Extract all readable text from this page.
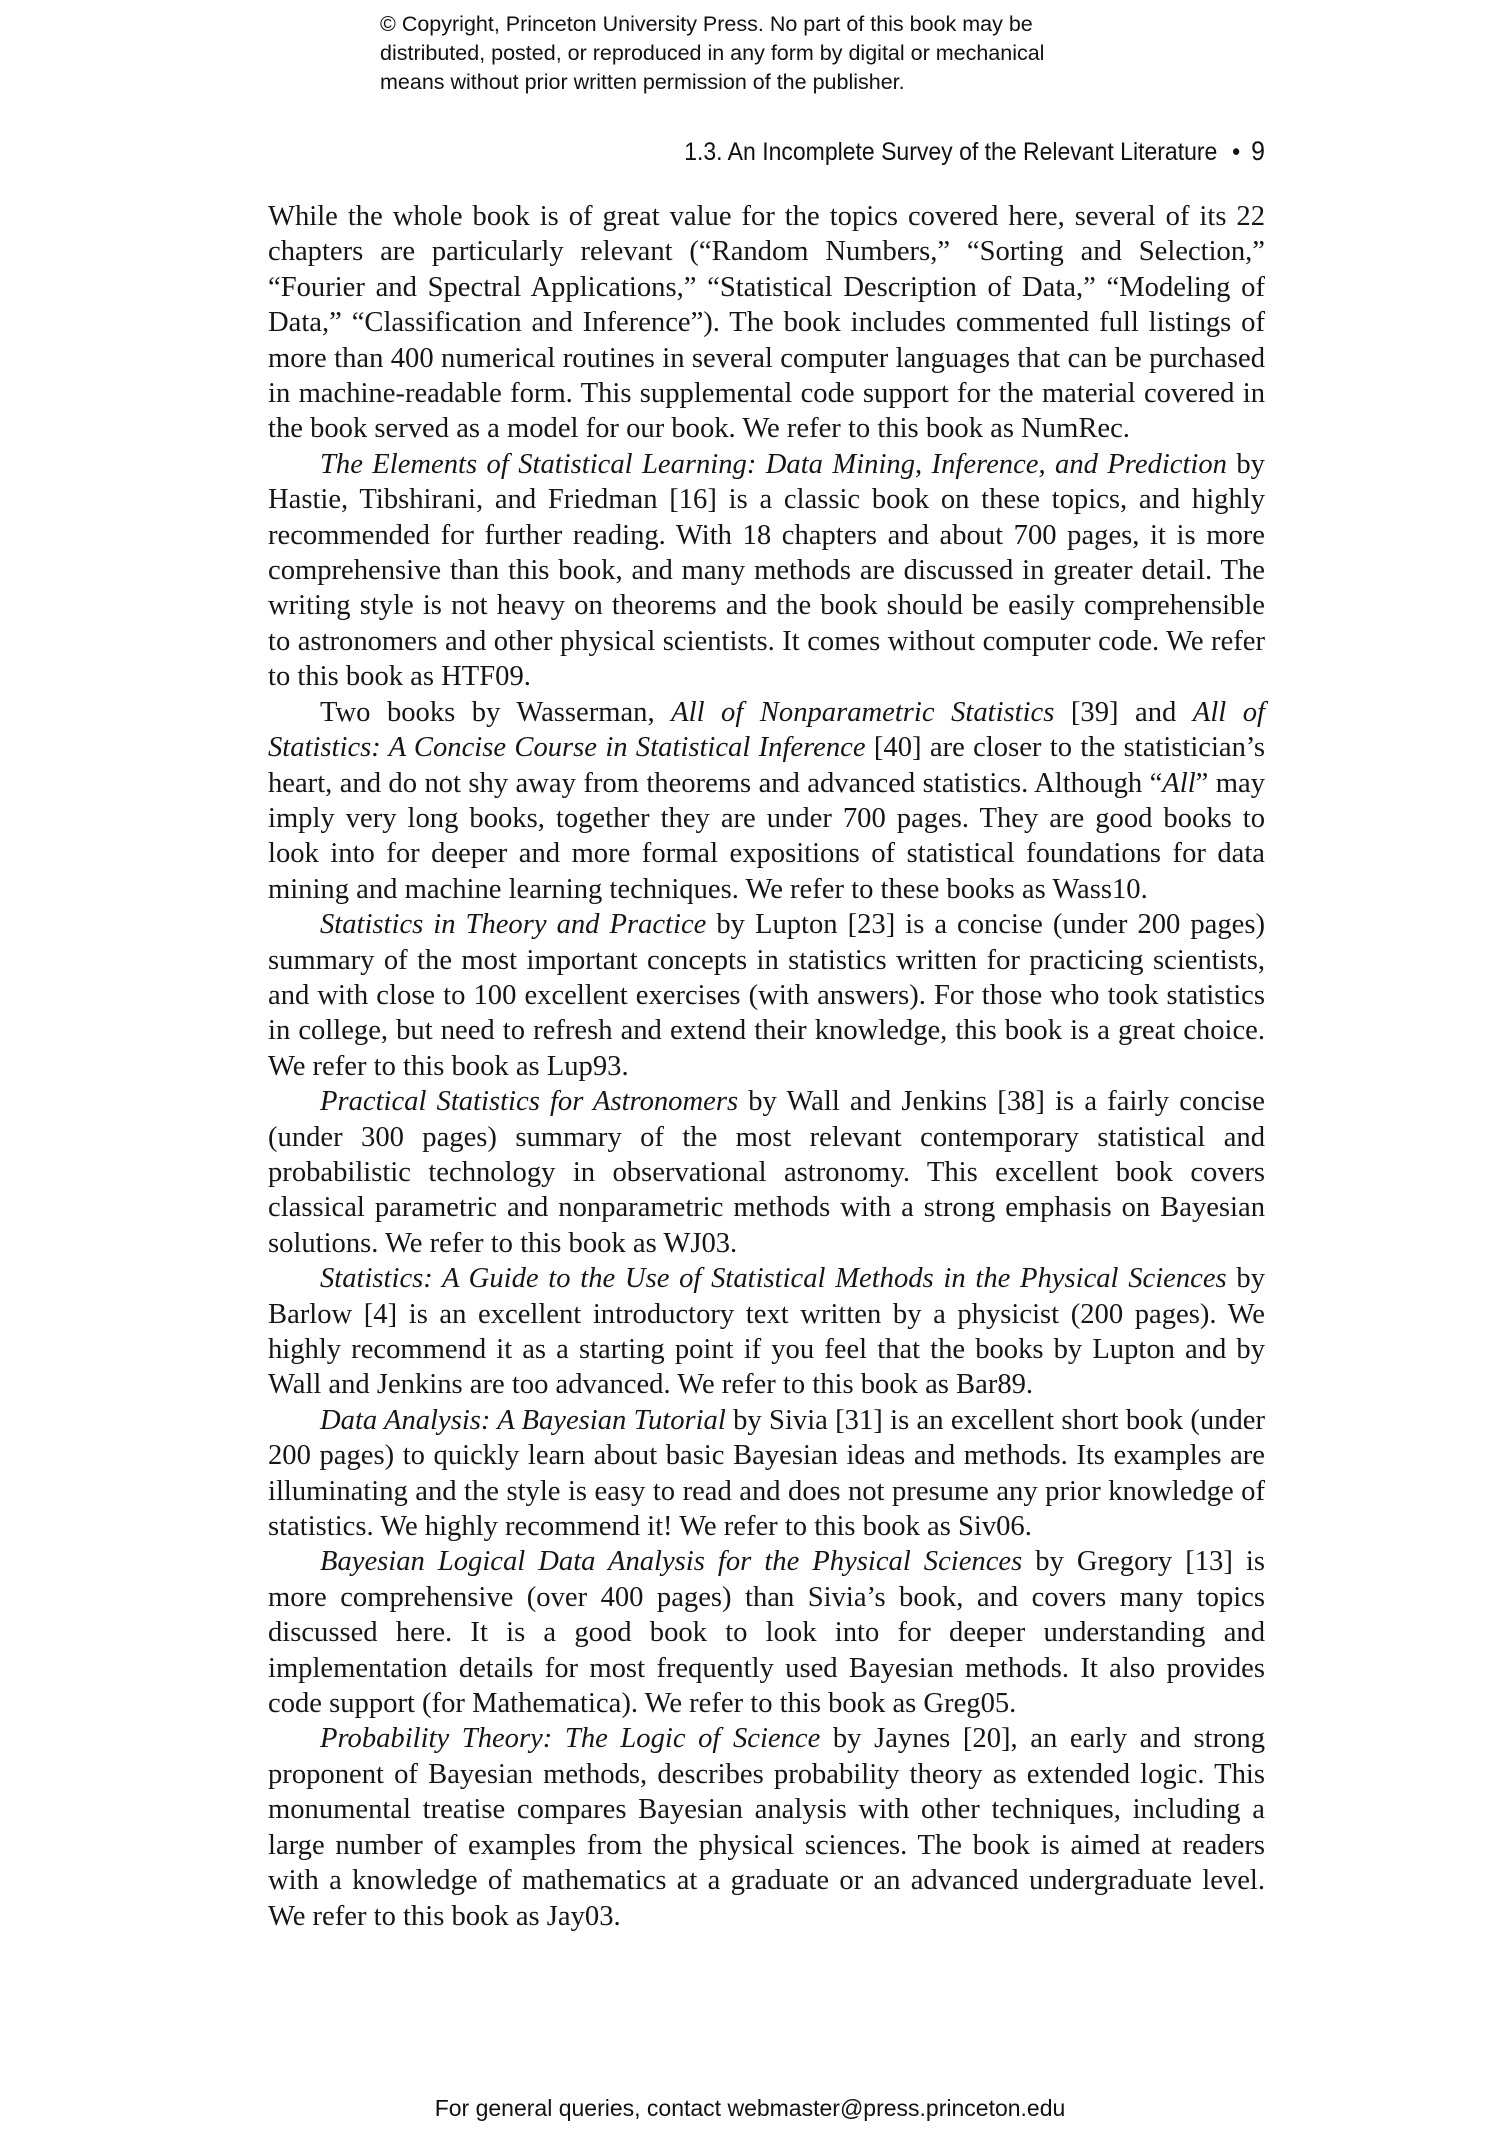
© Copyright, Princeton University Press. No part of this book may be
distributed, posted, or reproduced in any form by digital or mechanical
means without prior written permission of the publisher.
1.3. An Incomplete Survey of the Relevant Literature • 9

While the whole book is of great value for the topics covered here, several of its 22 chapters are particularly relevant (“Random Numbers,” “Sorting and Selection,” “Fourier and Spectral Applications,” “Statistical Description of Data,” “Modeling of Data,” “Classification and Inference”). The book includes commented full listings of more than 400 numerical routines in several computer languages that can be purchased in machine-readable form. This supplemental code support for the material covered in the book served as a model for our book. We refer to this book as NumRec.

The Elements of Statistical Learning: Data Mining, Inference, and Prediction by Hastie, Tibshirani, and Friedman [16] is a classic book on these topics, and highly recommended for further reading. With 18 chapters and about 700 pages, it is more comprehensive than this book, and many methods are discussed in greater detail. The writing style is not heavy on theorems and the book should be easily comprehensible to astronomers and other physical scientists. It comes without computer code. We refer to this book as HTF09.

Two books by Wasserman, All of Nonparametric Statistics [39] and All of Statistics: A Concise Course in Statistical Inference [40] are closer to the statistician’s heart, and do not shy away from theorems and advanced statistics. Although “All” may imply very long books, together they are under 700 pages. They are good books to look into for deeper and more formal expositions of statistical foundations for data mining and machine learning techniques. We refer to these books as Wass10.

Statistics in Theory and Practice by Lupton [23] is a concise (under 200 pages) summary of the most important concepts in statistics written for practicing scientists, and with close to 100 excellent exercises (with answers). For those who took statistics in college, but need to refresh and extend their knowledge, this book is a great choice. We refer to this book as Lup93.

Practical Statistics for Astronomers by Wall and Jenkins [38] is a fairly concise (under 300 pages) summary of the most relevant contemporary statistical and probabilistic technology in observational astronomy. This excellent book covers classical parametric and nonparametric methods with a strong emphasis on Bayesian solutions. We refer to this book as WJ03.

Statistics: A Guide to the Use of Statistical Methods in the Physical Sciences by Barlow [4] is an excellent introductory text written by a physicist (200 pages). We highly recommend it as a starting point if you feel that the books by Lupton and by Wall and Jenkins are too advanced. We refer to this book as Bar89.

Data Analysis: A Bayesian Tutorial by Sivia [31] is an excellent short book (under 200 pages) to quickly learn about basic Bayesian ideas and methods. Its examples are illuminating and the style is easy to read and does not presume any prior knowledge of statistics. We highly recommend it! We refer to this book as Siv06.

Bayesian Logical Data Analysis for the Physical Sciences by Gregory [13] is more comprehensive (over 400 pages) than Sivia’s book, and covers many topics discussed here. It is a good book to look into for deeper understanding and implementation details for most frequently used Bayesian methods. It also provides code support (for Mathematica). We refer to this book as Greg05.

Probability Theory: The Logic of Science by Jaynes [20], an early and strong proponent of Bayesian methods, describes probability theory as extended logic. This monumental treatise compares Bayesian analysis with other techniques, including a large number of examples from the physical sciences. The book is aimed at readers with a knowledge of mathematics at a graduate or an advanced undergraduate level. We refer to this book as Jay03.

For general queries, contact webmaster@press.princeton.edu
